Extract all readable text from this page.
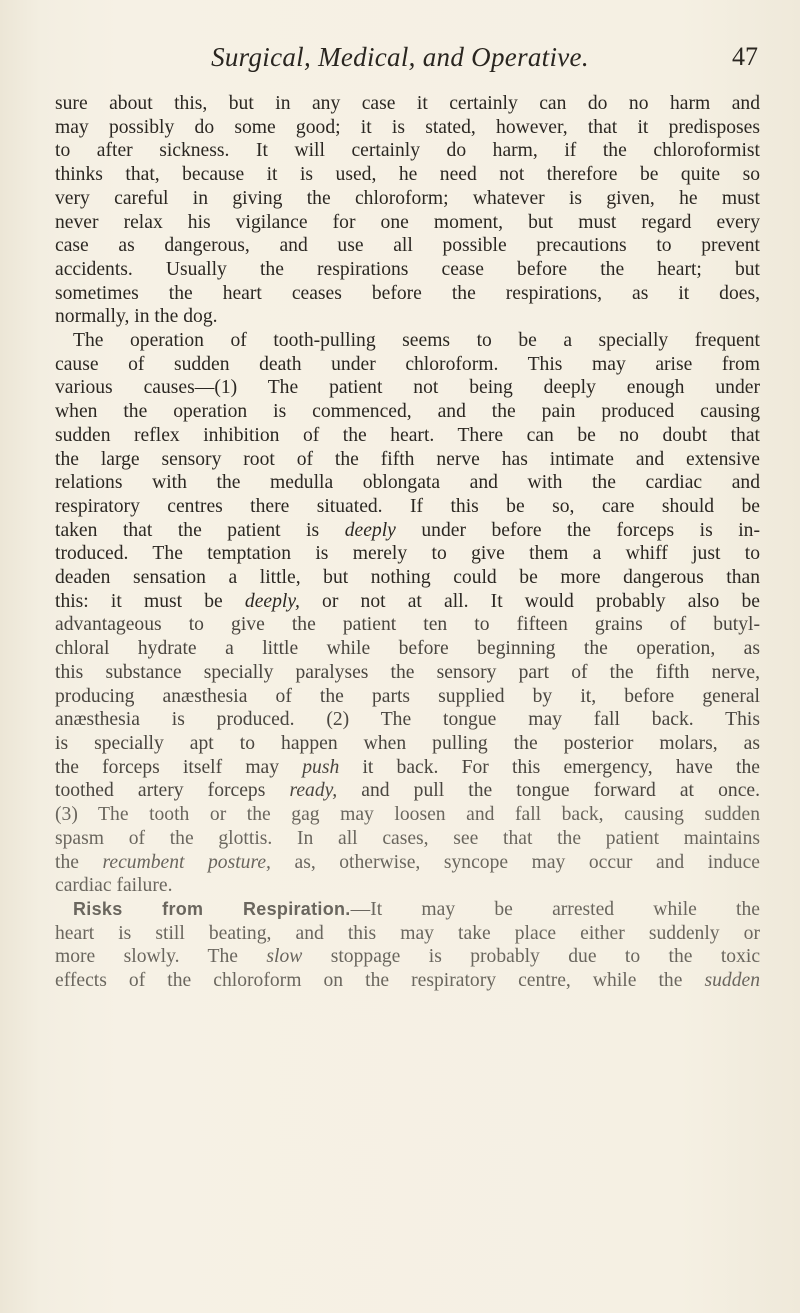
Surgical, Medical, and Operative.	47
sure about this, but in any case it certainly can do no harm and
may possibly do some good; it is stated, however, that it predisposes
to after sickness. It will certainly do harm, if the chloroformist
thinks that, because it is used, he need not therefore be quite so
very careful in giving the chloroform; whatever is given, he must
never relax his vigilance for one moment, but must regard every
case as dangerous, and use all possible precautions to prevent
accidents. Usually the respirations cease before the heart; but
sometimes the heart ceases before the respirations, as it does,
normally, in the dog.
The operation of tooth-pulling seems to be a specially frequent
cause of sudden death under chloroform. This may arise from
various causes—(1) The patient not being deeply enough under
when the operation is commenced, and the pain produced causing
sudden reflex inhibition of the heart. There can be no doubt that
the large sensory root of the fifth nerve has intimate and extensive
relations with the medulla oblongata and with the cardiac and
respiratory centres there situated. If this be so, care should be
taken that the patient is deeply under before the forceps is in-
troduced. The temptation is merely to give them a whiff just to
deaden sensation a little, but nothing could be more dangerous than
this: it must be deeply, or not at all. It would probably also be
advantageous to give the patient ten to fifteen grains of butyl-
chloral hydrate a little while before beginning the operation, as
this substance specially paralyses the sensory part of the fifth nerve,
producing anæsthesia of the parts supplied by it, before general
anæsthesia is produced. (2) The tongue may fall back. This
is specially apt to happen when pulling the posterior molars, as
the forceps itself may push it back. For this emergency, have the
toothed artery forceps ready, and pull the tongue forward at once.
(3) The tooth or the gag may loosen and fall back, causing sudden
spasm of the glottis. In all cases, see that the patient maintains
the recumbent posture, as, otherwise, syncope may occur and induce
cardiac failure.
Risks from Respiration.—It may be arrested while the
heart is still beating, and this may take place either suddenly or
more slowly. The slow stoppage is probably due to the toxic
effects of the chloroform on the respiratory centre, while the sudden
